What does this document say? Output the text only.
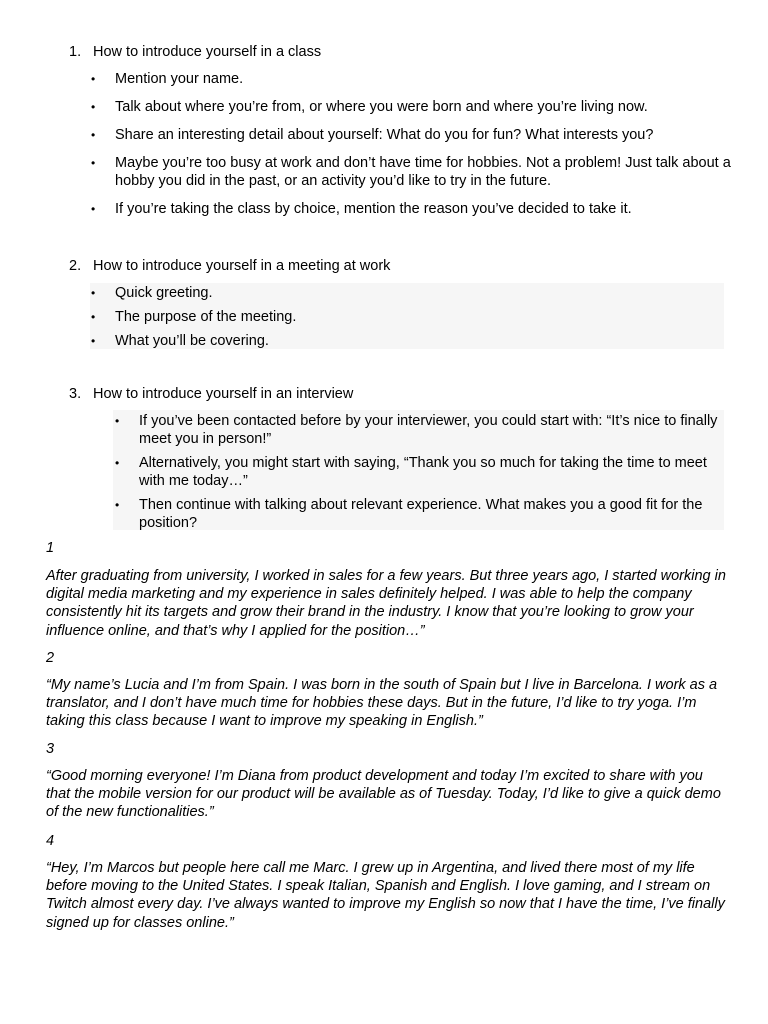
1. How to introduce yourself in a class
• Mention your name.
• Talk about where you’re from, or where you were born and where you’re living now.
• Share an interesting detail about yourself: What do you for fun? What interests you?
• Maybe you’re too busy at work and don’t have time for hobbies. Not a problem! Just talk about a hobby you did in the past, or an activity you’d like to try in the future.
• If you’re taking the class by choice, mention the reason you’ve decided to take it.
2. How to introduce yourself in a meeting at work
• Quick greeting.
• The purpose of the meeting.
• What you’ll be covering.
3. How to introduce yourself in an interview
• If you’ve been contacted before by your interviewer, you could start with: “It’s nice to finally meet you in person!”
• Alternatively, you might start with saying, “Thank you so much for taking the time to meet with me today…”
• Then continue with talking about relevant experience. What makes you a good fit for the position?

1

After graduating from university, I worked in sales for a few years. But three years ago, I started working in digital media marketing and my experience in sales definitely helped. I was able to help the company consistently hit its targets and grow their brand in the industry. I know that you’re looking to grow your influence online, and that’s why I applied for the position…”

2

“My name’s Lucia and I’m from Spain. I was born in the south of Spain but I live in Barcelona. I work as a translator, and I don’t have much time for hobbies these days. But in the future, I’d like to try yoga. I’m taking this class because I want to improve my speaking in English.”

3

“Good morning everyone! I’m Diana from product development and today I’m excited to share with you that the mobile version for our product will be available as of Tuesday. Today, I’d like to give a quick demo of the new functionalities.”

4

“Hey, I’m Marcos but people here call me Marc. I grew up in Argentina, and lived there most of my life before moving to the United States. I speak Italian, Spanish and English. I love gaming, and I stream on Twitch almost every day. I’ve always wanted to improve my English so now that I have the time, I’ve finally signed up for classes online.”
